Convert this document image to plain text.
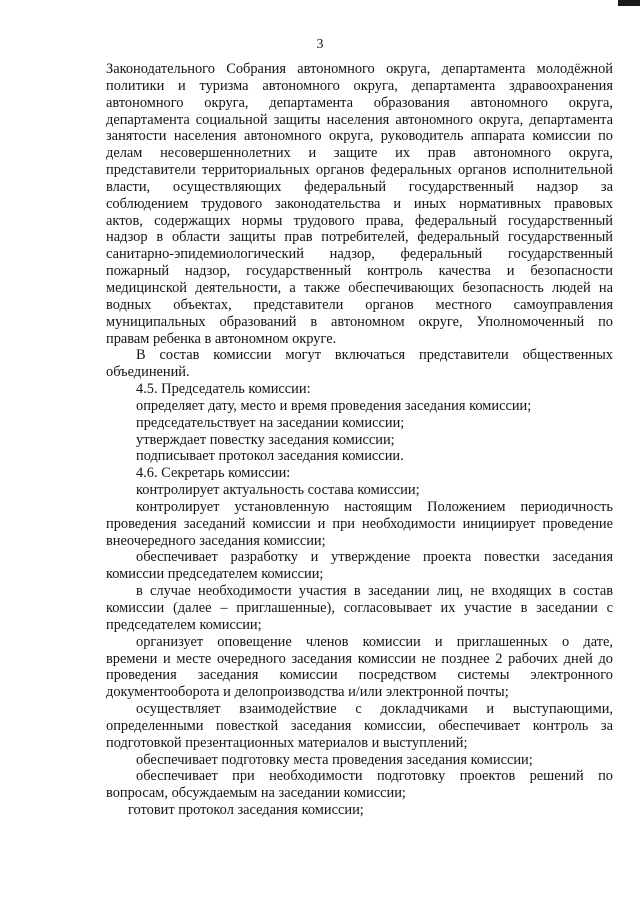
3

Законодательного Собрания автономного округа, департамента молодёжной

политики и туризма автономного округа, департамента здравоохранения

автономного округа, департамента образования автономного округа,

департамента социальной защиты населения автономного округа, департамента

занятости населения автономного округа, руководитель аппарата комиссии по

делам несовершеннолетних и защите их прав автономного округа,

представители территориальных органов федеральных органов исполнительной

власти, осуществляющих федеральный государственный надзор за

соблюдением трудового законодательства и иных нормативных правовых

актов, содержащих нормы трудового права, федеральный государственный

надзор в области защиты прав потребителей, федеральный государственный

санитарно-эпидемиологический надзор, федеральный государственный

пожарный надзор, государственный контроль качества и безопасности

медицинской деятельности, а также обеспечивающих безопасность людей на

водных объектах, представители органов местного самоуправления

муниципальных образований в автономном округе, Уполномоченный по

правам ребенка в автономном округе.

В состав комиссии могут включаться представители общественных

объединений.

4.5. Председатель комиссии:

определяет дату, место и время проведения заседания комиссии;

председательствует на заседании комиссии;

утверждает повестку заседания комиссии;

подписывает протокол заседания комиссии.

4.6. Секретарь комиссии:

контролирует актуальность состава комиссии;

контролирует установленную настоящим Положением периодичность

проведения заседаний комиссии и при необходимости инициирует проведение

внеочередного заседания комиссии;

обеспечивает разработку и утверждение проекта повестки заседания

комиссии председателем комиссии;

в случае необходимости участия в заседании лиц, не входящих в состав

комиссии (далее – приглашенные), согласовывает их участие в заседании с

председателем комиссии;

организует оповещение членов комиссии и приглашенных о дате,

времени и месте очередного заседания комиссии не позднее 2 рабочих дней до

проведения заседания комиссии посредством системы электронного

документооборота и делопроизводства и/или электронной почты;

осуществляет взаимодействие с докладчиками и выступающими,

определенными повесткой заседания комиссии, обеспечивает контроль за

подготовкой презентационных материалов и выступлений;

обеспечивает подготовку места проведения заседания комиссии;

обеспечивает при необходимости подготовку проектов решений по

вопросам, обсуждаемым на заседании комиссии;

готовит протокол заседания комиссии;
